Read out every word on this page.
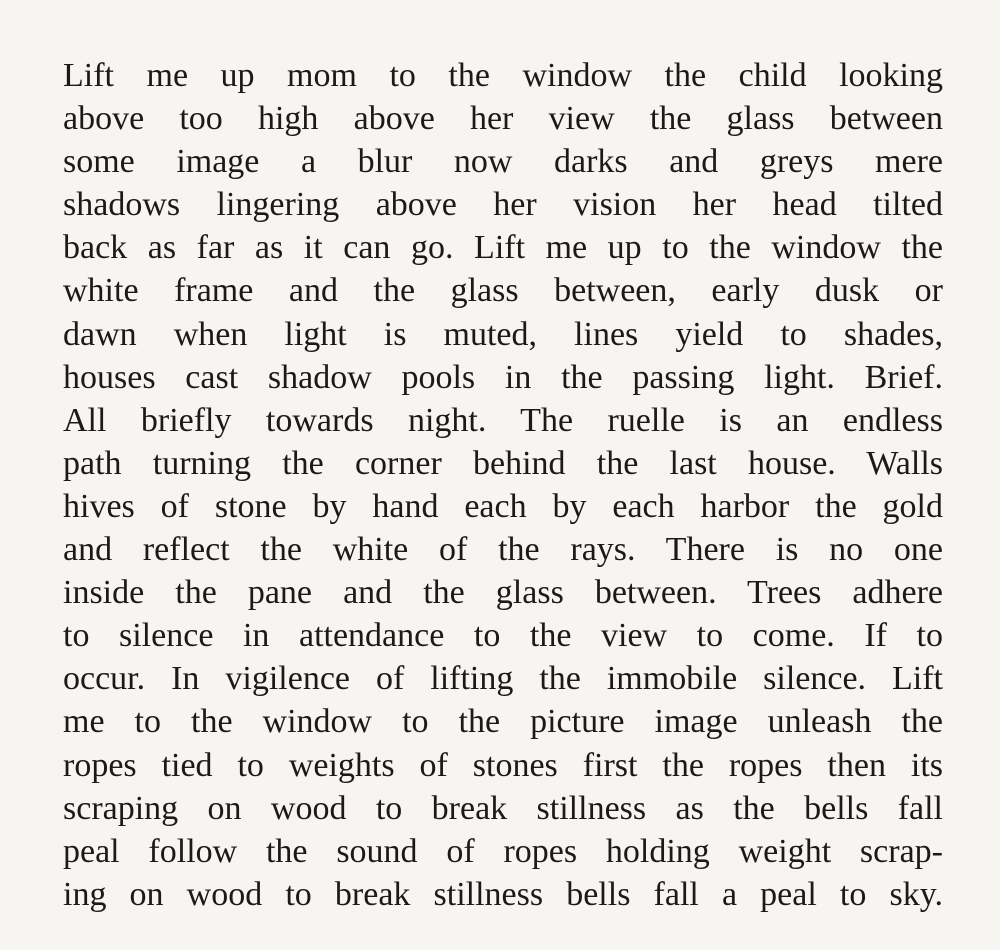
Lift me up mom to the window the child looking
above too high above her view the glass between
some image a blur now darks and greys mere
shadows lingering above her vision her head tilted
back as far as it can go. Lift me up to the window the
white frame and the glass between, early dusk or
dawn when light is muted, lines yield to shades,
houses cast shadow pools in the passing light. Brief.
All briefly towards night. The ruelle is an endless
path turning the corner behind the last house. Walls
hives of stone by hand each by each harbor the gold
and reflect the white of the rays. There is no one
inside the pane and the glass between. Trees adhere
to silence in attendance to the view to come. If to
occur. In vigilence of lifting the immobile silence. Lift
me to the window to the picture image unleash the
ropes tied to weights of stones first the ropes then its
scraping on wood to break stillness as the bells fall
peal follow the sound of ropes holding weight scrap-
ing on wood to break stillness bells fall a peal to sky.
